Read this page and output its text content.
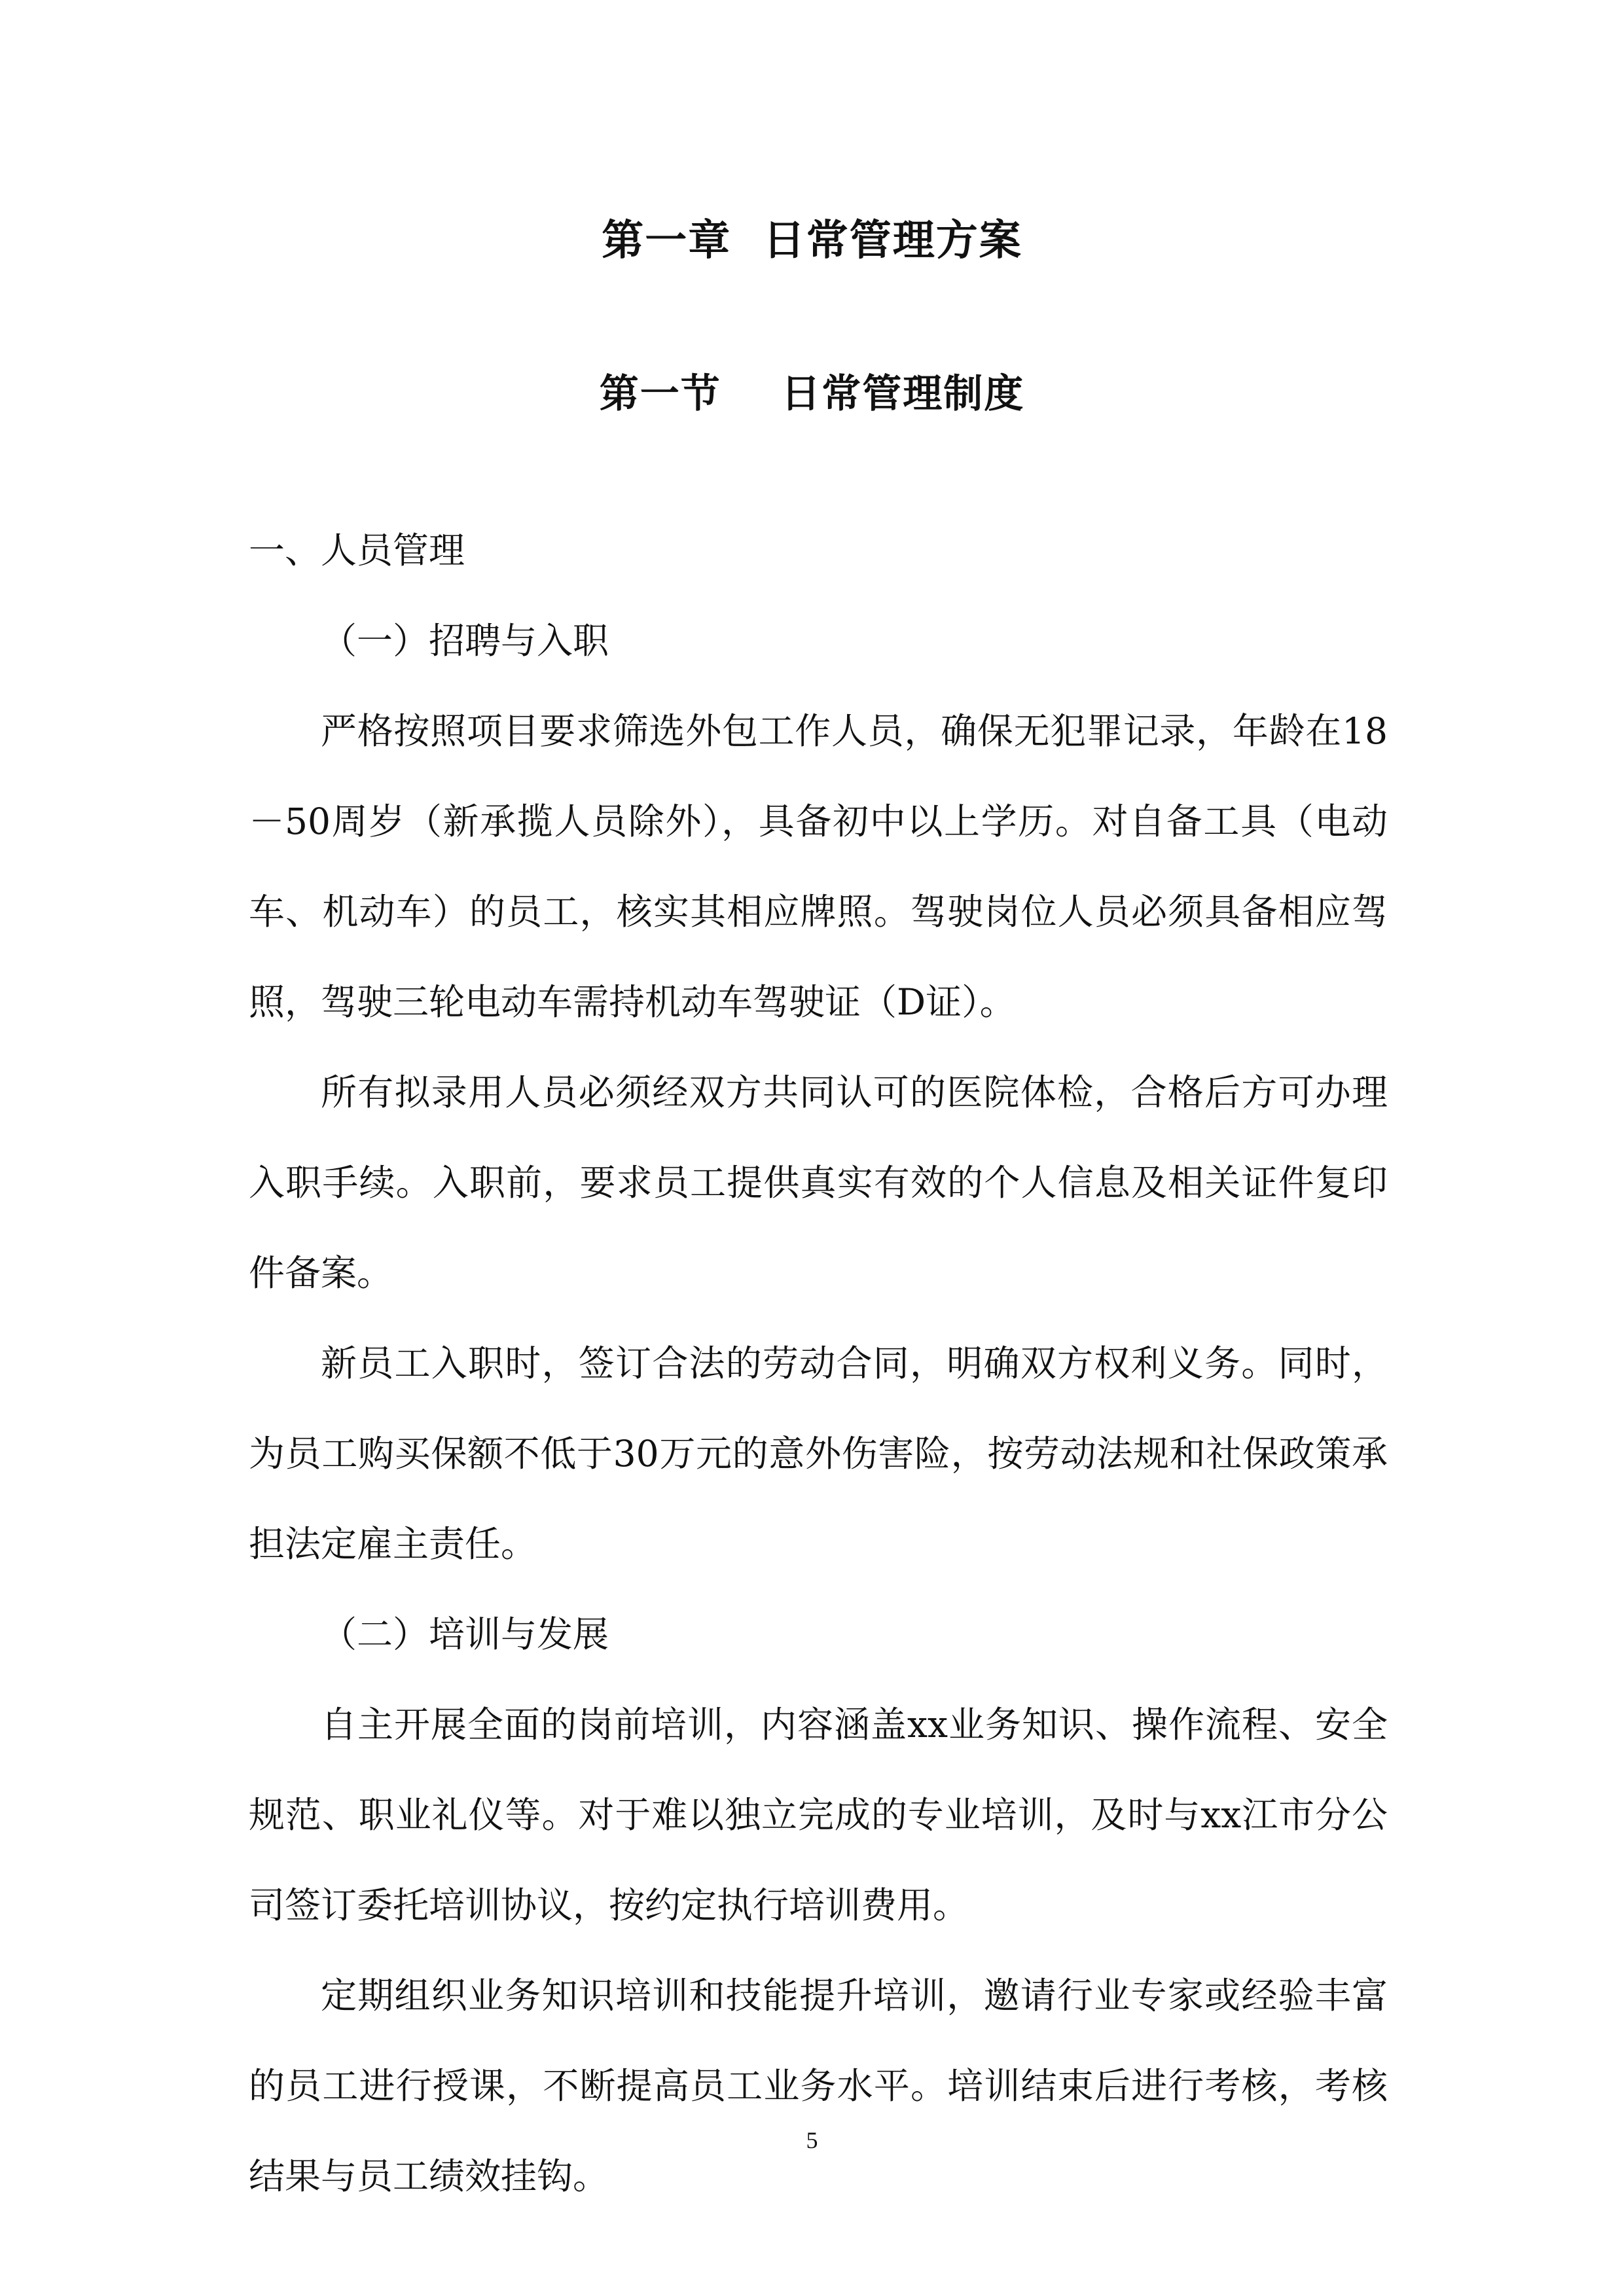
第一章  日常管理方案
第一节    日常管理制度

一、人员管理

（一）招聘与入职

严格按照项目要求筛选外包工作人员，确保无犯罪记录，年龄在18－50周岁（新承揽人员除外），具备初中以上学历。对自备工具（电动车、机动车）的员工，核实其相应牌照。驾驶岗位人员必须具备相应驾照，驾驶三轮电动车需持机动车驾驶证（D证）。

所有拟录用人员必须经双方共同认可的医院体检，合格后方可办理入职手续。入职前，要求员工提供真实有效的个人信息及相关证件复印件备案。

新员工入职时，签订合法的劳动合同，明确双方权利义务。同时，为员工购买保额不低于30万元的意外伤害险，按劳动法规和社保政策承担法定雇主责任。

（二）培训与发展

自主开展全面的岗前培训，内容涵盖xx业务知识、操作流程、安全规范、职业礼仪等。对于难以独立完成的专业培训，及时与xx江市分公司签订委托培训协议，按约定执行培训费用。

定期组织业务知识培训和技能提升培训，邀请行业专家或经验丰富的员工进行授课，不断提高员工业务水平。培训结束后进行考核，考核结果与员工绩效挂钩。

5
